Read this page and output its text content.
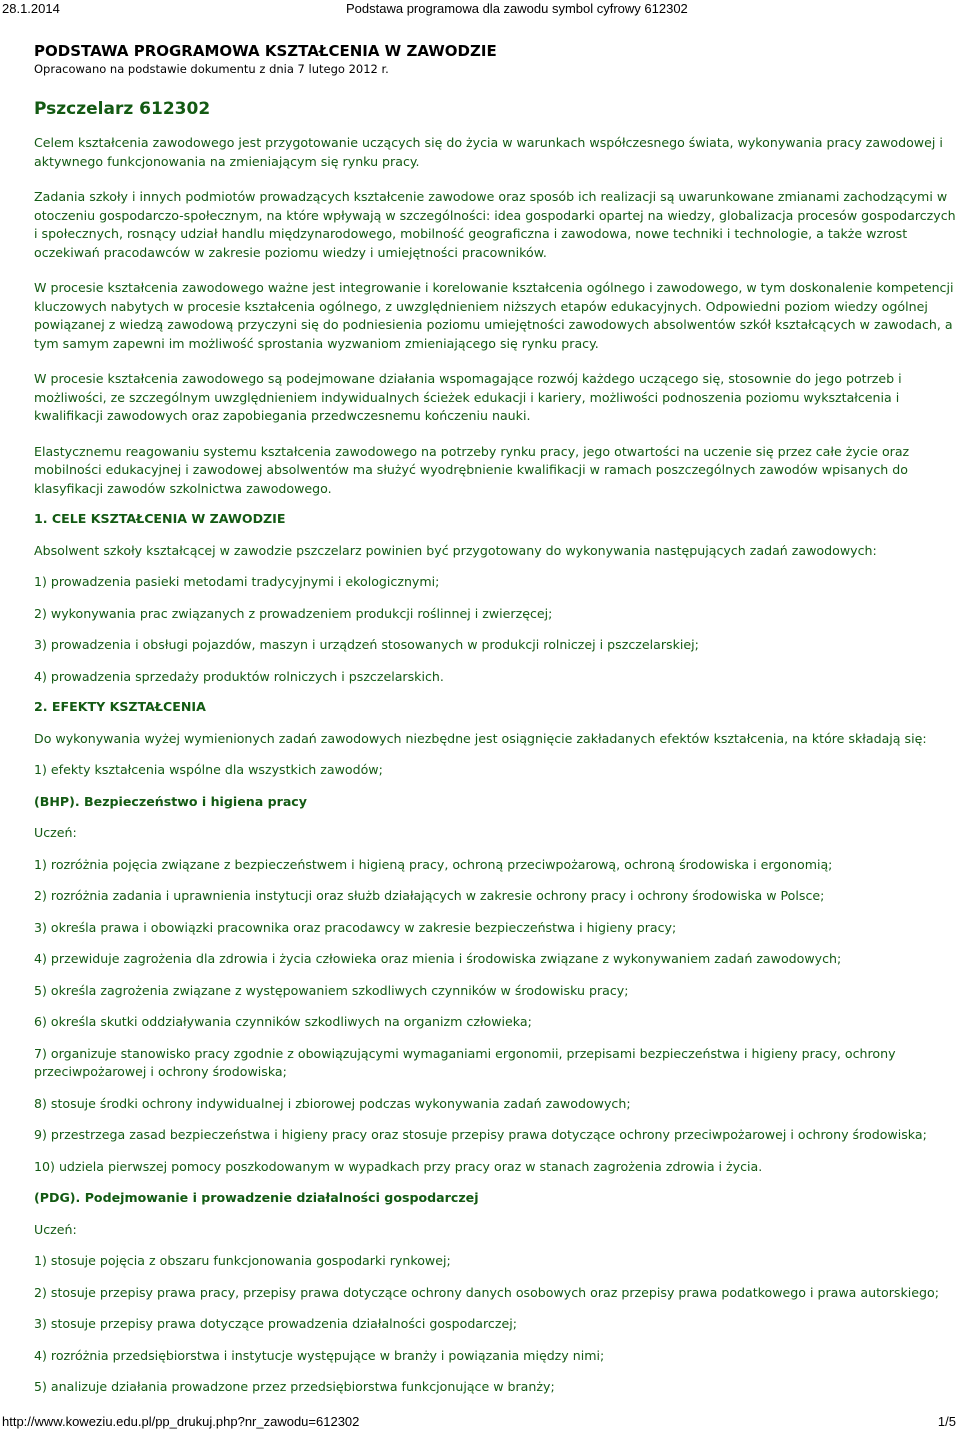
28.1.2014	Podstawa programowa dla zawodu symbol cyfrowy 612302
PODSTAWA PROGRAMOWA KSZTAŁCENIA W ZAWODZIE

Opracowano na podstawie dokumentu z dnia 7 lutego 2012 r.

Pszczelarz 612302

Celem kształcenia zawodowego jest przygotowanie uczących się do życia w warunkach współczesnego świata, wykonywania pracy zawodowej i aktywnego funkcjonowania na zmieniającym się rynku pracy.

Zadania szkoły i innych podmiotów prowadzących kształcenie zawodowe oraz sposób ich realizacji są uwarunkowane zmianami zachodzącymi w otoczeniu gospodarczo-społecznym, na które wpływają w szczególności: idea gospodarki opartej na wiedzy, globalizacja procesów gospodarczych i społecznych, rosnący udział handlu międzynarodowego, mobilność geograficzna i zawodowa, nowe techniki i technologie, a także wzrost oczekiwań pracodawców w zakresie poziomu wiedzy i umiejętności pracowników.

W procesie kształcenia zawodowego ważne jest integrowanie i korelowanie kształcenia ogólnego i zawodowego, w tym doskonalenie kompetencji kluczowych nabytych w procesie kształcenia ogólnego, z uwzględnieniem niższych etapów edukacyjnych. Odpowiedni poziom wiedzy ogólnej powiązanej z wiedzą zawodową przyczyni się do podniesienia poziomu umiejętności zawodowych absolwentów szkół kształcących w zawodach, a tym samym zapewni im możliwość sprostania wyzwaniom zmieniającego się rynku pracy.

W procesie kształcenia zawodowego są podejmowane działania wspomagające rozwój każdego uczącego się, stosownie do jego potrzeb i możliwości, ze szczególnym uwzględnieniem indywidualnych ścieżek edukacji i kariery, możliwości podnoszenia poziomu wykształcenia i kwalifikacji zawodowych oraz zapobiegania przedwczesnemu kończeniu nauki.

Elastycznemu reagowaniu systemu kształcenia zawodowego na potrzeby rynku pracy, jego otwartości na uczenie się przez całe życie oraz mobilności edukacyjnej i zawodowej absolwentów ma służyć wyodrębnienie kwalifikacji w ramach poszczególnych zawodów wpisanych do klasyfikacji zawodów szkolnictwa zawodowego.

1. CELE KSZTAŁCENIA W ZAWODZIE

Absolwent szkoły kształcącej w zawodzie pszczelarz powinien być przygotowany do wykonywania następujących zadań zawodowych:

1) prowadzenia pasieki metodami tradycyjnymi i ekologicznymi;

2) wykonywania prac związanych z prowadzeniem produkcji roślinnej i zwierzęcej;

3) prowadzenia i obsługi pojazdów, maszyn i urządzeń stosowanych w produkcji rolniczej i pszczelarskiej;

4) prowadzenia sprzedaży produktów rolniczych i pszczelarskich.

2. EFEKTY KSZTAŁCENIA

Do wykonywania wyżej wymienionych zadań zawodowych niezbędne jest osiągnięcie zakładanych efektów kształcenia, na które składają się:

1) efekty kształcenia wspólne dla wszystkich zawodów;

(BHP). Bezpieczeństwo i higiena pracy

Uczeń:

1) rozróżnia pojęcia związane z bezpieczeństwem i higieną pracy, ochroną przeciwpożarową, ochroną środowiska i ergonomią;

2) rozróżnia zadania i uprawnienia instytucji oraz służb działających w zakresie ochrony pracy i ochrony środowiska w Polsce;

3) określa prawa i obowiązki pracownika oraz pracodawcy w zakresie bezpieczeństwa i higieny pracy;

4) przewiduje zagrożenia dla zdrowia i życia człowieka oraz mienia i środowiska związane z wykonywaniem zadań zawodowych;

5) określa zagrożenia związane z występowaniem szkodliwych czynników w środowisku pracy;

6) określa skutki oddziaływania czynników szkodliwych na organizm człowieka;

7) organizuje stanowisko pracy zgodnie z obowiązującymi wymaganiami ergonomii, przepisami bezpieczeństwa i higieny pracy, ochrony przeciwpożarowej i ochrony środowiska;

8) stosuje środki ochrony indywidualnej i zbiorowej podczas wykonywania zadań zawodowych;

9) przestrzega zasad bezpieczeństwa i higieny pracy oraz stosuje przepisy prawa dotyczące ochrony przeciwpożarowej i ochrony środowiska;

10) udziela pierwszej pomocy poszkodowanym w wypadkach przy pracy oraz w stanach zagrożenia zdrowia i życia.

(PDG). Podejmowanie i prowadzenie działalności gospodarczej

Uczeń:

1) stosuje pojęcia z obszaru funkcjonowania gospodarki rynkowej;

2) stosuje przepisy prawa pracy, przepisy prawa dotyczące ochrony danych osobowych oraz przepisy prawa podatkowego i prawa autorskiego;

3) stosuje przepisy prawa dotyczące prowadzenia działalności gospodarczej;

4) rozróżnia przedsiębiorstwa i instytucje występujące w branży i powiązania między nimi;

5) analizuje działania prowadzone przez przedsiębiorstwa funkcjonujące w branży;

http://www.koweziu.edu.pl/pp_drukuj.php?nr_zawodu=612302	1/5
